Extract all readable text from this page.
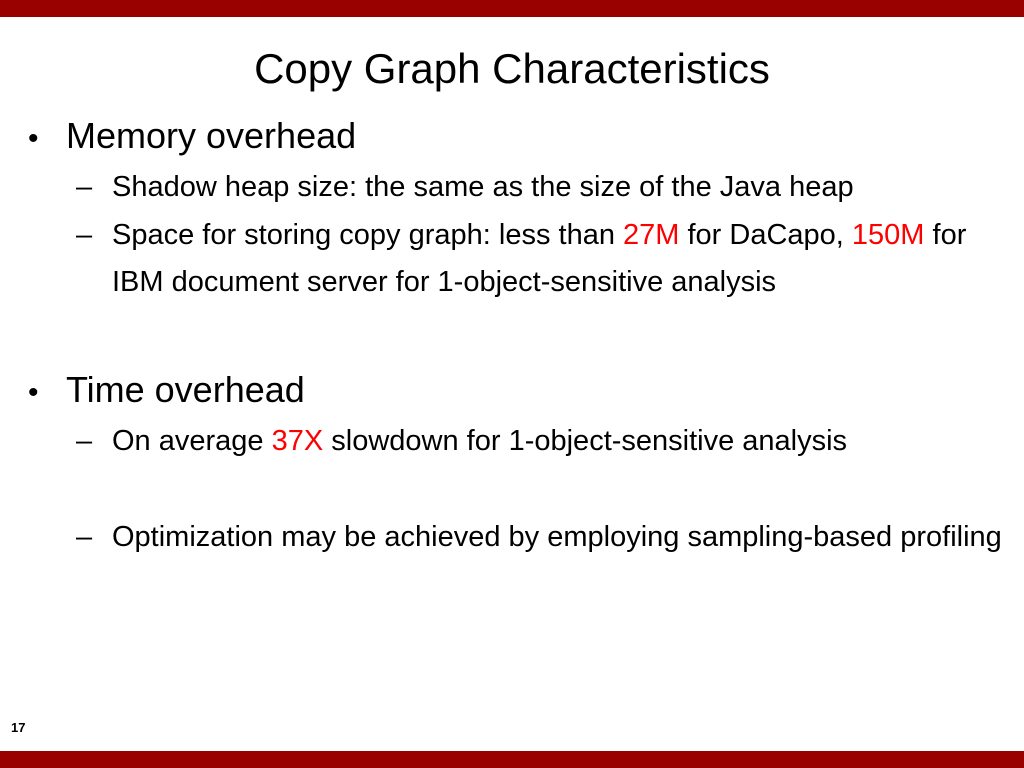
Copy Graph Characteristics
• Memory overhead
– Shadow heap size: the same as the size of the Java heap
– Space for storing copy graph: less than 27M for DaCapo, 150M for IBM document server for 1-object-sensitive analysis
• Time overhead
– On average 37X slowdown for 1-object-sensitive analysis
– Optimization may be achieved by employing sampling-based profiling
17
